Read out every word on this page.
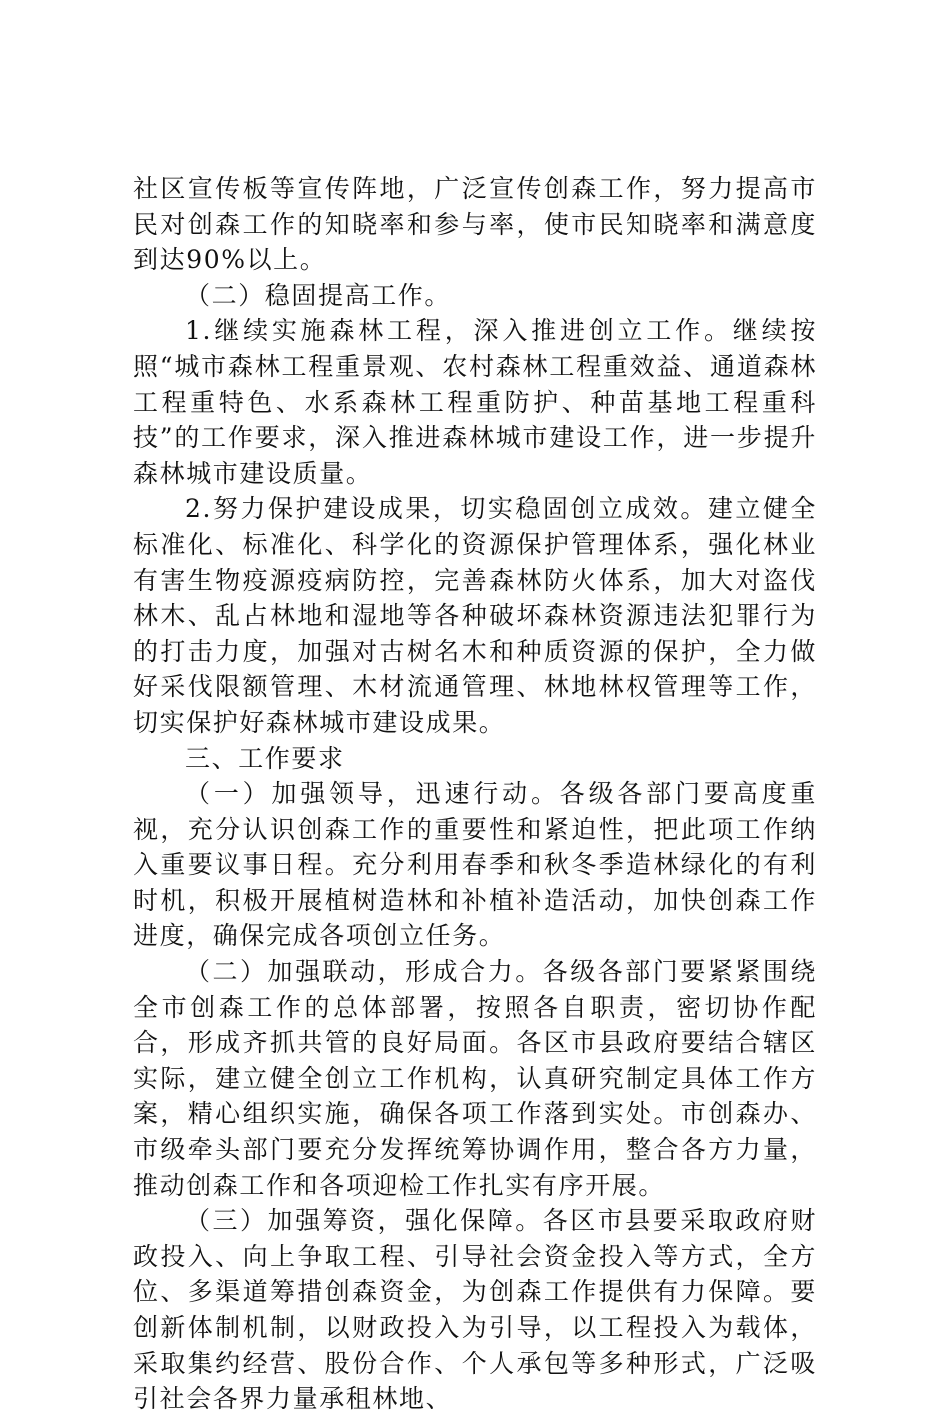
社区宣传板等宣传阵地，广泛宣传创森工作，努力提高市民对创森工作的知晓率和参与率，使市民知晓率和满意度到达90%以上。

（二）稳固提高工作。

1.继续实施森林工程，深入推进创立工作。继续按照“城市森林工程重景观、农村森林工程重效益、通道森林工程重特色、水系森林工程重防护、种苗基地工程重科技”的工作要求，深入推进森林城市建设工作，进一步提升森林城市建设质量。

2.努力保护建设成果，切实稳固创立成效。建立健全标准化、标准化、科学化的资源保护管理体系，强化林业有害生物疫源疫病防控，完善森林防火体系，加大对盗伐林木、乱占林地和湿地等各种破坏森林资源违法犯罪行为的打击力度，加强对古树名木和种质资源的保护，全力做好采伐限额管理、木材流通管理、林地林权管理等工作，切实保护好森林城市建设成果。

三、工作要求

（一）加强领导，迅速行动。各级各部门要高度重视，充分认识创森工作的重要性和紧迫性，把此项工作纳入重要议事日程。充分利用春季和秋冬季造林绿化的有利时机，积极开展植树造林和补植补造活动，加快创森工作进度，确保完成各项创立任务。

（二）加强联动，形成合力。各级各部门要紧紧围绕全市创森工作的总体部署，按照各自职责，密切协作配合，形成齐抓共管的良好局面。各区市县政府要结合辖区实际，建立健全创立工作机构，认真研究制定具体工作方案，精心组织实施，确保各项工作落到实处。市创森办、市级牵头部门要充分发挥统筹协调作用，整合各方力量，推动创森工作和各项迎检工作扎实有序开展。

（三）加强筹资，强化保障。各区市县要采取政府财政投入、向上争取工程、引导社会资金投入等方式，全方位、多渠道筹措创森资金，为创森工作提供有力保障。要创新体制机制，以财政投入为引导，以工程投入为载体，采取集约经营、股份合作、个人承包等多种形式，广泛吸引社会各界力量承租林地、
